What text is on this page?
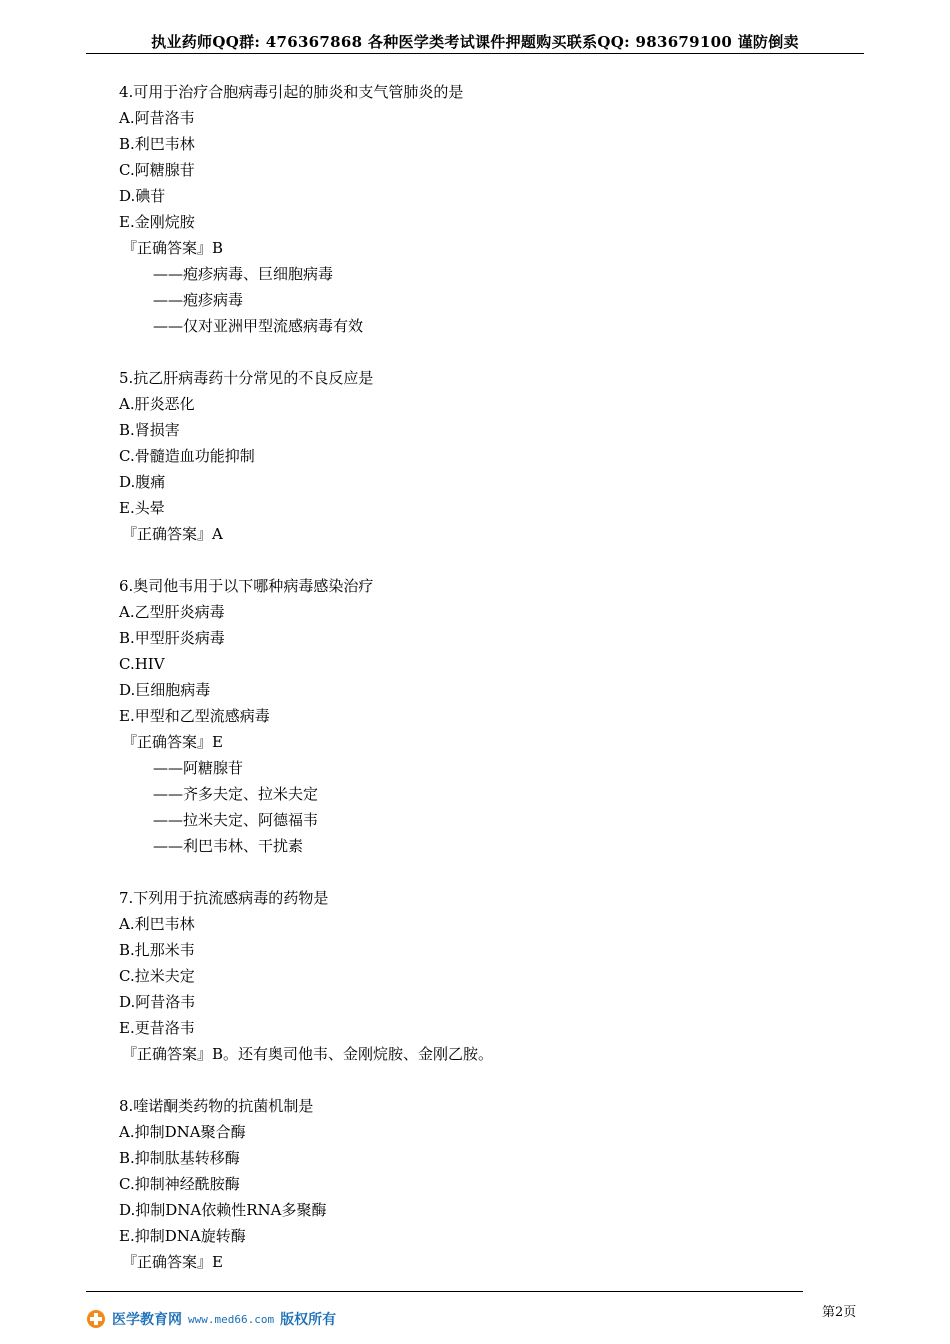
执业药师QQ群: 476367868 各种医学类考试课件押题购买联系QQ: 983679100 谨防倒卖
4.可用于治疗合胞病毒引起的肺炎和支气管肺炎的是
A.阿昔洛韦
B.利巴韦林
C.阿糖腺苷
D.碘苷
E.金刚烷胺
『正确答案』B
——疱疹病毒、巨细胞病毒
——疱疹病毒
——仅对亚洲甲型流感病毒有效
5.抗乙肝病毒药十分常见的不良反应是
A.肝炎恶化
B.肾损害
C.骨髓造血功能抑制
D.腹痛
E.头晕
『正确答案』A
6.奥司他韦用于以下哪种病毒感染治疗
A.乙型肝炎病毒
B.甲型肝炎病毒
C.HIV
D.巨细胞病毒
E.甲型和乙型流感病毒
『正确答案』E
——阿糖腺苷
——齐多夫定、拉米夫定
——拉米夫定、阿德福韦
——利巴韦林、干扰素
7.下列用于抗流感病毒的药物是
A.利巴韦林
B.扎那米韦
C.拉米夫定
D.阿昔洛韦
E.更昔洛韦
『正确答案』B。还有奥司他韦、金刚烷胺、金刚乙胺。
8.喹诺酮类药物的抗菌机制是
A.抑制DNA聚合酶
B.抑制肽基转移酶
C.抑制神经酰胺酶
D.抑制DNA依赖性RNA多聚酶
E.抑制DNA旋转酶
『正确答案』E
医学教育网 www.med66.com 版权所有	第2页
